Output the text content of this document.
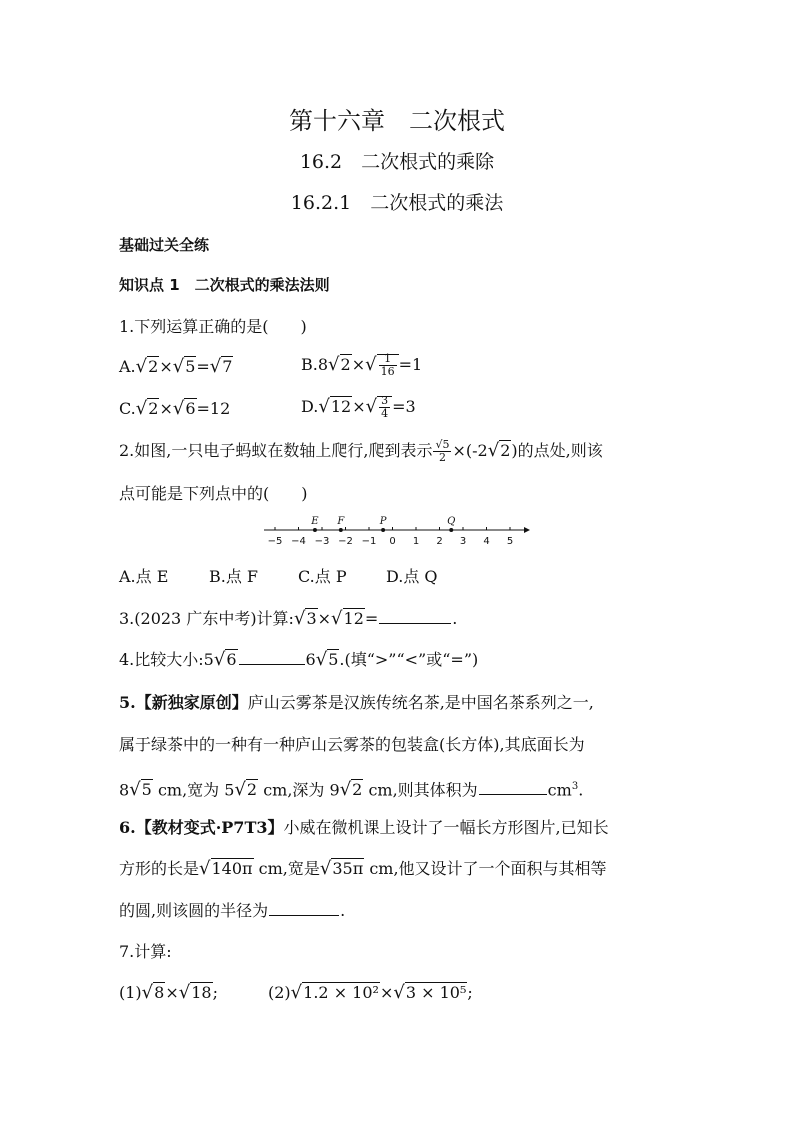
第十六章　二次根式
16.2　二次根式的乘除
16.2.1　二次根式的乘法
基础过关全练
知识点 1　二次根式的乘法法则
1.下列运算正确的是(　　)
A.√2×√5=√7	$B.8√2\times√ \frac{1}{16} =1$
C.√2×√6=12	$D.√12\times√ \frac{3}{4} =3$
2.如图,一只电子蚂蚁在数轴上爬行,爬到表示 $\frac{√5}{2} \times(-2√2)$的点处,则该
点可能是下列点中的(　　)
−5 −4 −3 −2 −1 0 1 2 3 4 5
E F	P	Q
A.点 E	B.点 F C.点 P D.点 Q
3.(2023 广东中考)计算:√3×√12=	.
4.比较大小:5√6	6√5.(填“>”“<”或“=”)
5.【新独家原创】庐山云雾茶是汉族传统名茶,是中国名茶系列之一,
属于绿茶中的一种有一种庐山云雾茶的包装盒(长方体),其底面长为
8√5 cm,宽为 5√2 cm,深为 9√2 cm,则其体积为	$cm^3$.
6.【教材变式·P7T3】小威在微机课上设计了一幅长方形图片,已知长
方形的长是√140π cm,宽是√35π cm,他又设计了一个面积与其相等
的圆,则该圆的半径为	.
7.计算:
(1)√8×√18;	(2)√1.2 × 10²×√3 × 10⁵;
